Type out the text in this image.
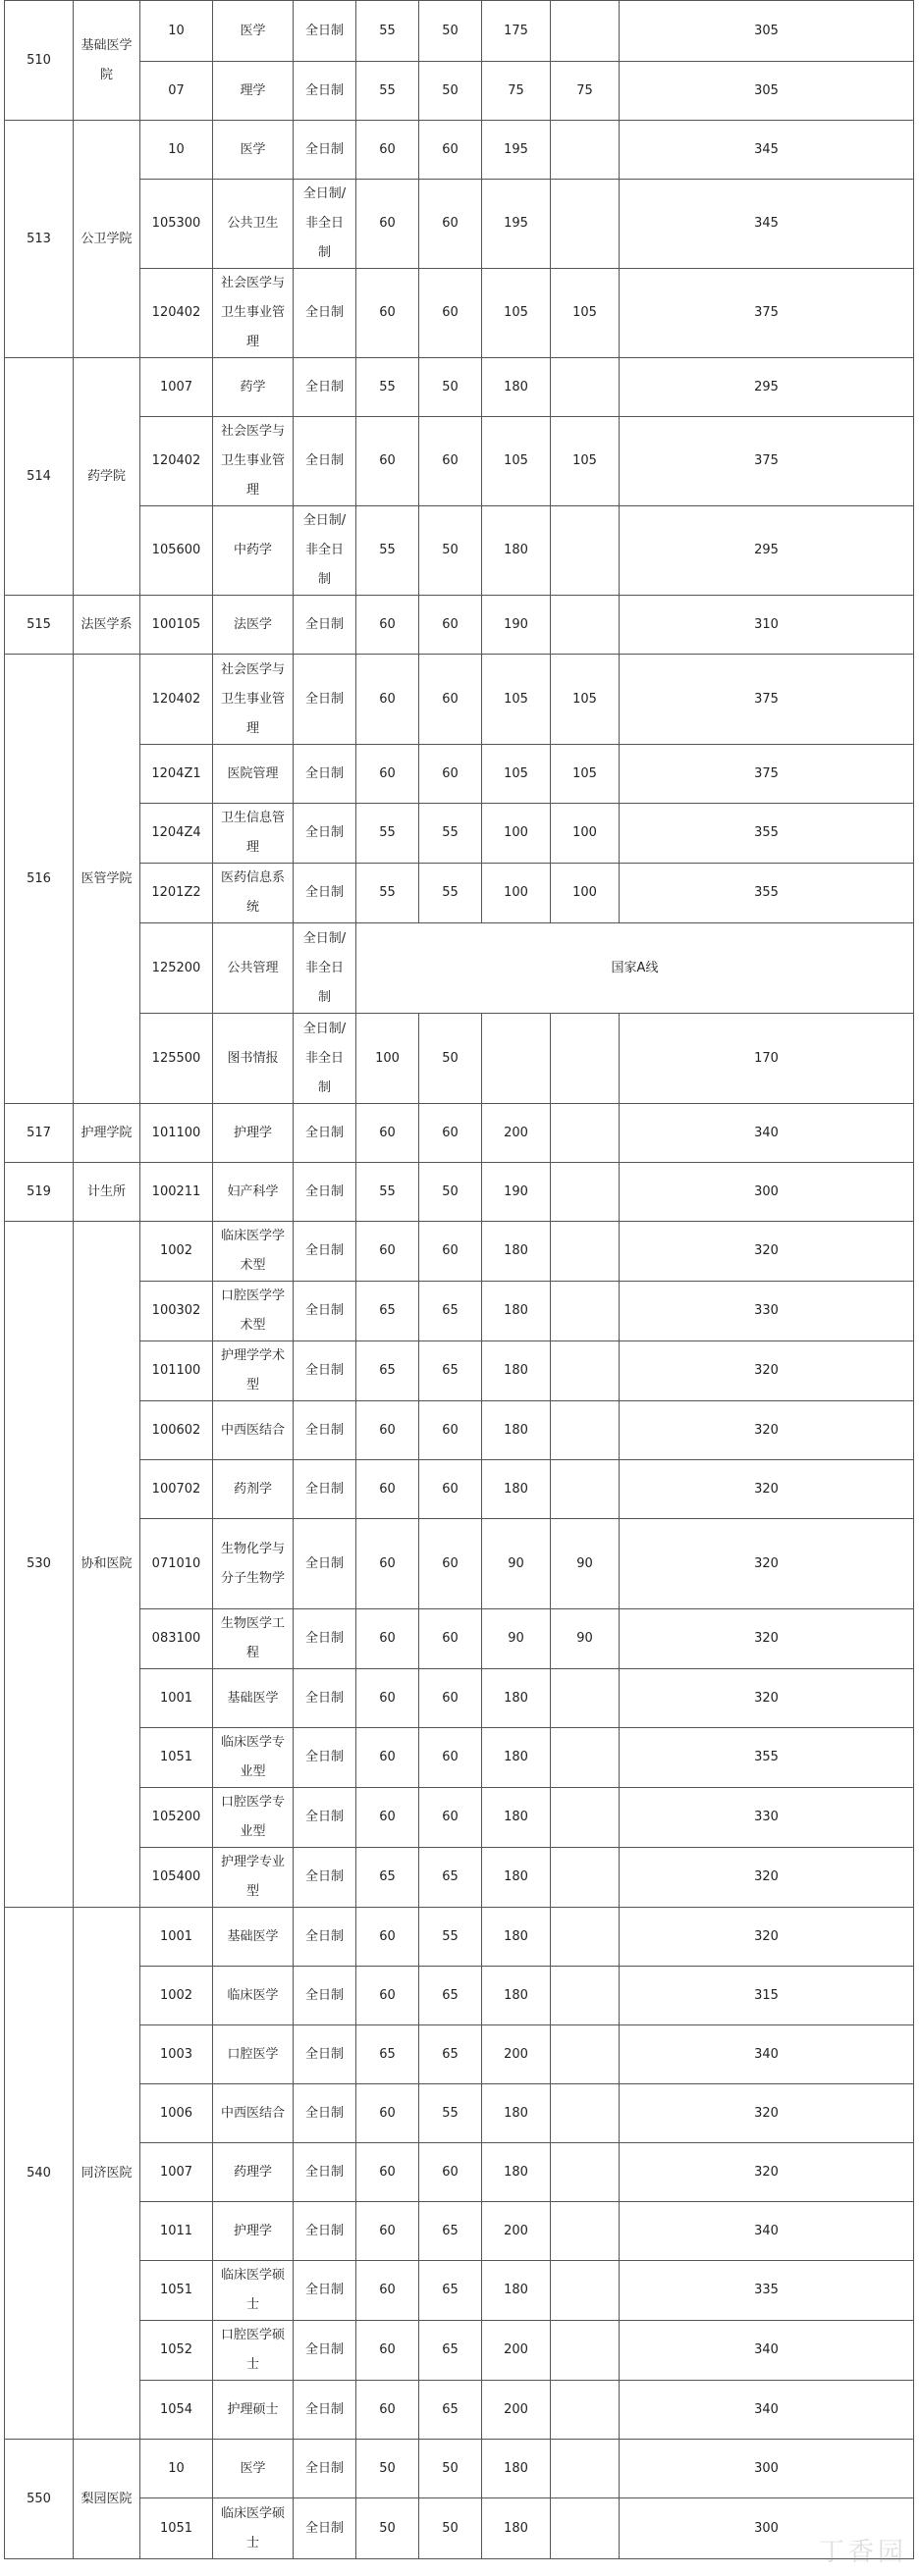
510	基础医学院	10	医学	全日制	55	50	175		305
		07	理学	全日制	55	50	75	75	305
513	公卫学院	10	医学	全日制	60	60	195		345
		105300	公共卫生	全日制/非全日制	60	60	195		345
		120402	社会医学与卫生事业管理	全日制	60	60	105	105	375
514	药学院	1007	药学	全日制	55	50	180		295
		120402	社会医学与卫生事业管理	全日制	60	60	105	105	375
		105600	中药学	全日制/非全日制	55	50	180		295
515	法医学系	100105	法医学	全日制	60	60	190		310
516	医管学院	120402	社会医学与卫生事业管理	全日制	60	60	105	105	375
		1204Z1	医院管理	全日制	60	60	105	105	375
		1204Z4	卫生信息管理	全日制	55	55	100	100	355
		1201Z2	医药信息系统	全日制	55	55	100	100	355
		125200	公共管理	全日制/非全日制	国家A线				
		125500	图书情报	全日制/非全日制	100	50			170
517	护理学院	101100	护理学	全日制	60	60	200		340
519	计生所	100211	妇产科学	全日制	55	50	190		300
530	协和医院	1002	临床医学学术型	全日制	60	60	180		320
		100302	口腔医学学术型	全日制	65	65	180		330
		101100	护理学学术型	全日制	65	65	180		320
		100602	中西医结合	全日制	60	60	180		320
		100702	药剂学	全日制	60	60	180		320
		071010	生物化学与分子生物学	全日制	60	60	90	90	320
		083100	生物医学工程	全日制	60	60	90	90	320
		1001	基础医学	全日制	60	60	180		320
		1051	临床医学专业型	全日制	60	60	180		355
		105200	口腔医学专业型	全日制	60	60	180		330
		105400	护理学专业型	全日制	65	65	180		320
540	同济医院	1001	基础医学	全日制	60	55	180		320
		1002	临床医学	全日制	60	65	180		315
		1003	口腔医学	全日制	65	65	200		340
		1006	中西医结合	全日制	60	55	180		320
		1007	药理学	全日制	60	60	180		320
		1011	护理学	全日制	60	65	200		340
		1051	临床医学硕士	全日制	60	65	180		335
		1052	口腔医学硕士	全日制	60	65	200		340
		1054	护理硕士	全日制	60	65	200		340
550	梨园医院	10	医学	全日制	50	50	180		300
		1051	临床医学硕士	全日制	50	50	180		300
丁香园
